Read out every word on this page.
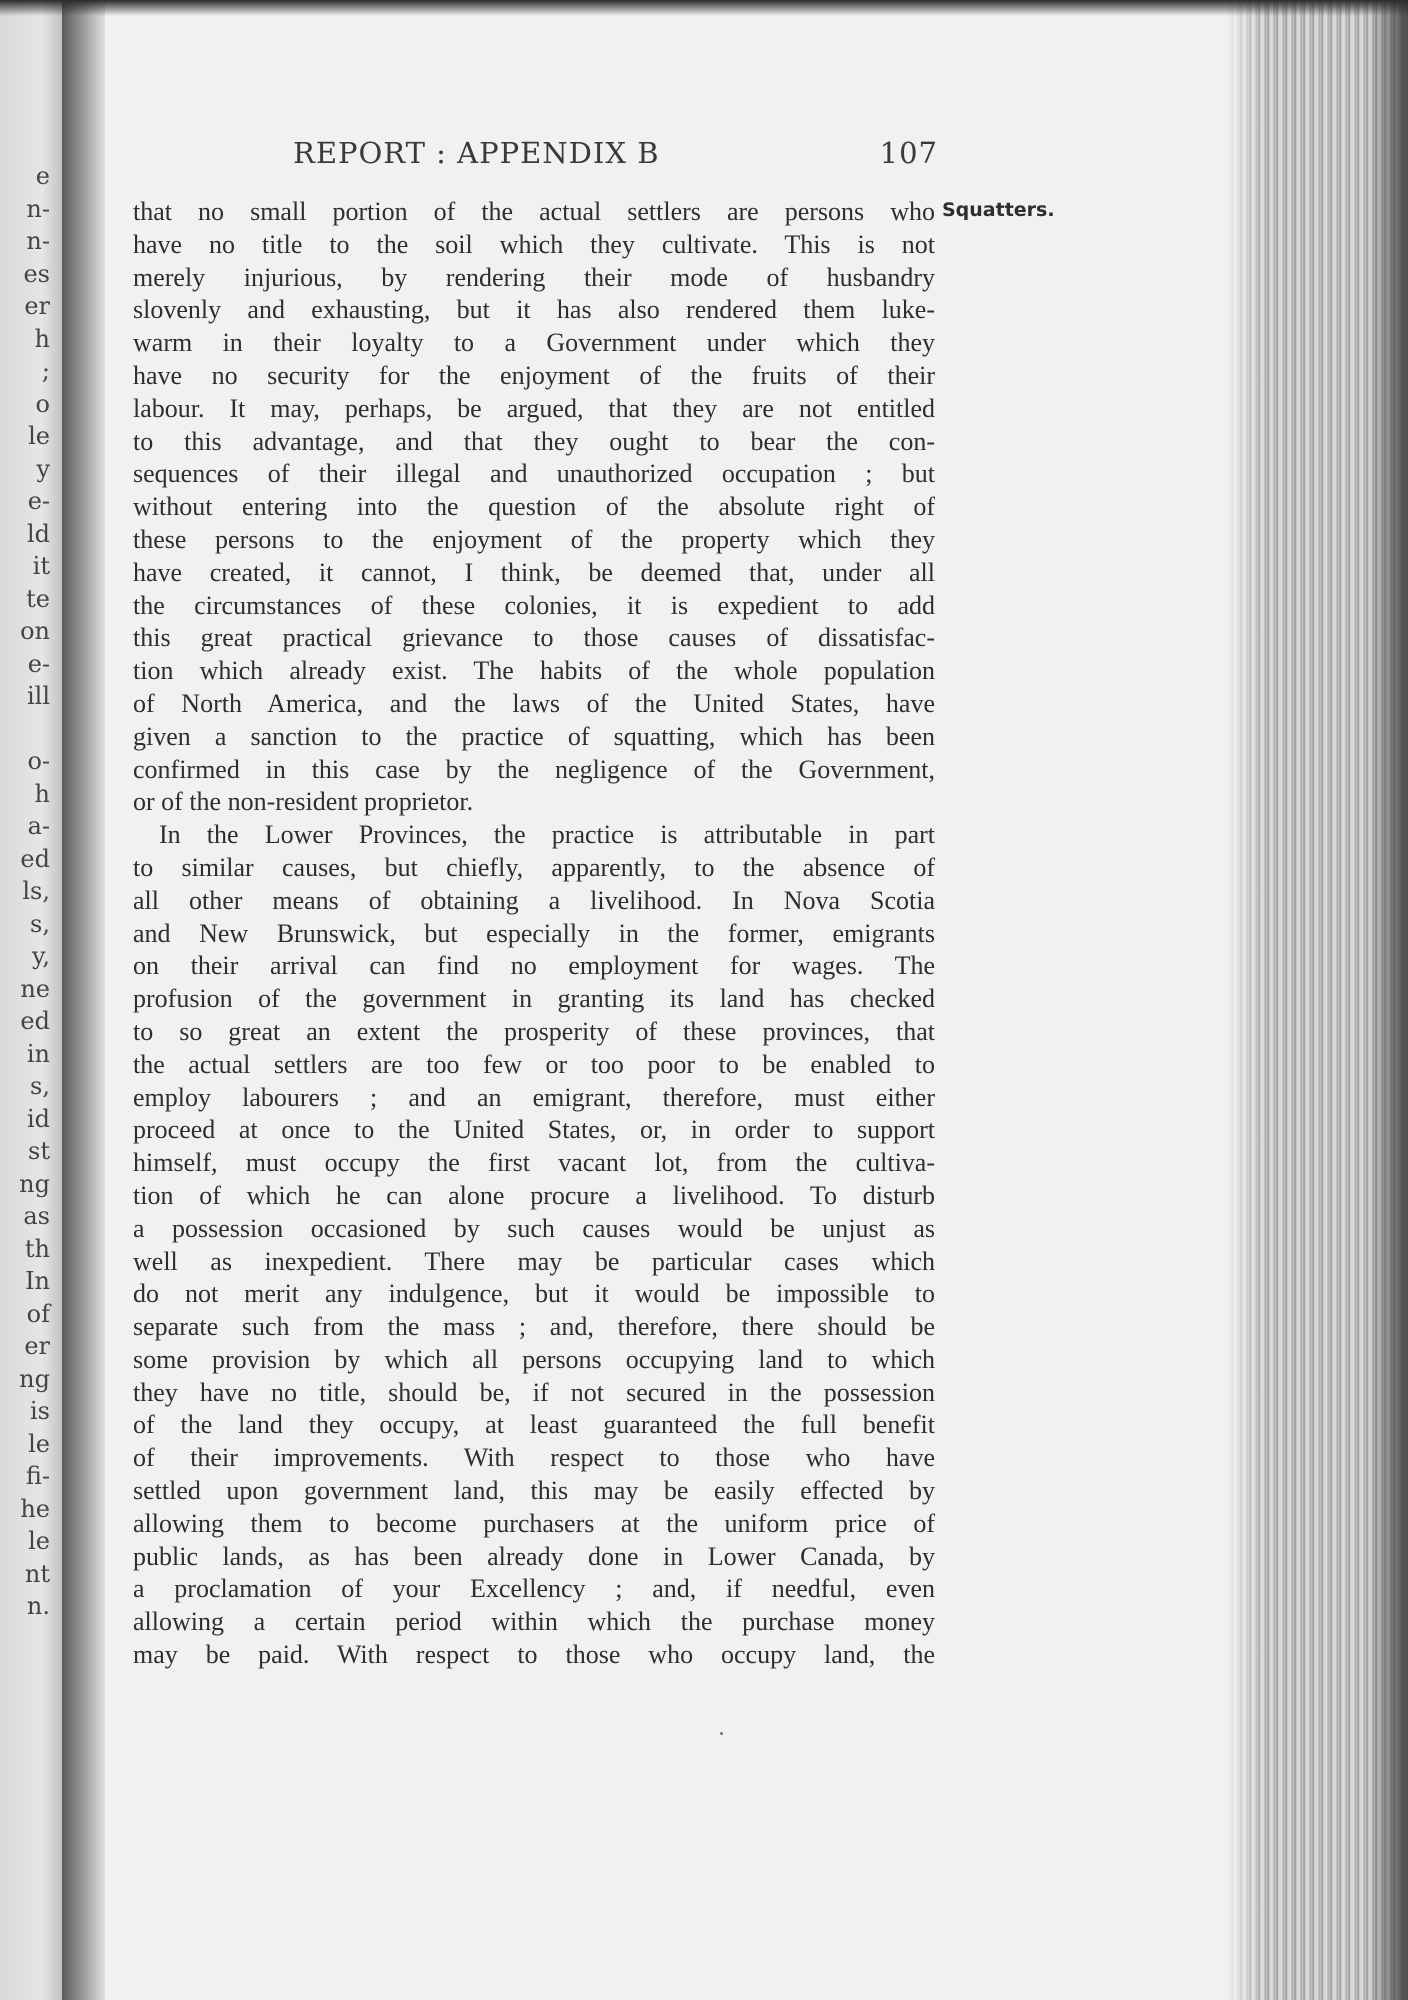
e
n-
n-
es
er
h
;
o
le
y
e-
ld
it
te
on
e-
ill
o-
h
a-
ed
ls,
s,
y,
ne
ed
in
s,
id
st
ng
as
th
In
of
er
ng
is
le
fi-
he
le
nt
n.
REPORT : APPENDIX B	107
Squatters.
that no small portion of the actual settlers are persons who
have no title to the soil which they cultivate. This is not
merely injurious, by rendering their mode of husbandry
slovenly and exhausting, but it has also rendered them luke-
warm in their loyalty to a Government under which they
have no security for the enjoyment of the fruits of their
labour. It may, perhaps, be argued, that they are not entitled
to this advantage, and that they ought to bear the con-
sequences of their illegal and unauthorized occupation ; but
without entering into the question of the absolute right of
these persons to the enjoyment of the property which they
have created, it cannot, I think, be deemed that, under all
the circumstances of these colonies, it is expedient to add
this great practical grievance to those causes of dissatisfac-
tion which already exist. The habits of the whole population
of North America, and the laws of the United States, have
given a sanction to the practice of squatting, which has been
confirmed in this case by the negligence of the Government,
or of the non-resident proprietor.
In the Lower Provinces, the practice is attributable in part
to similar causes, but chiefly, apparently, to the absence of
all other means of obtaining a livelihood. In Nova Scotia
and New Brunswick, but especially in the former, emigrants
on their arrival can find no employment for wages. The
profusion of the government in granting its land has checked
to so great an extent the prosperity of these provinces, that
the actual settlers are too few or too poor to be enabled to
employ labourers ; and an emigrant, therefore, must either
proceed at once to the United States, or, in order to support
himself, must occupy the first vacant lot, from the cultiva-
tion of which he can alone procure a livelihood. To disturb
a possession occasioned by such causes would be unjust as
well as inexpedient. There may be particular cases which
do not merit any indulgence, but it would be impossible to
separate such from the mass ; and, therefore, there should be
some provision by which all persons occupying land to which
they have no title, should be, if not secured in the possession
of the land they occupy, at least guaranteed the full benefit
of their improvements. With respect to those who have
settled upon government land, this may be easily effected by
allowing them to become purchasers at the uniform price of
public lands, as has been already done in Lower Canada, by
a proclamation of your Excellency ; and, if needful, even
allowing a certain period within which the purchase money
may be paid. With respect to those who occupy land, the
